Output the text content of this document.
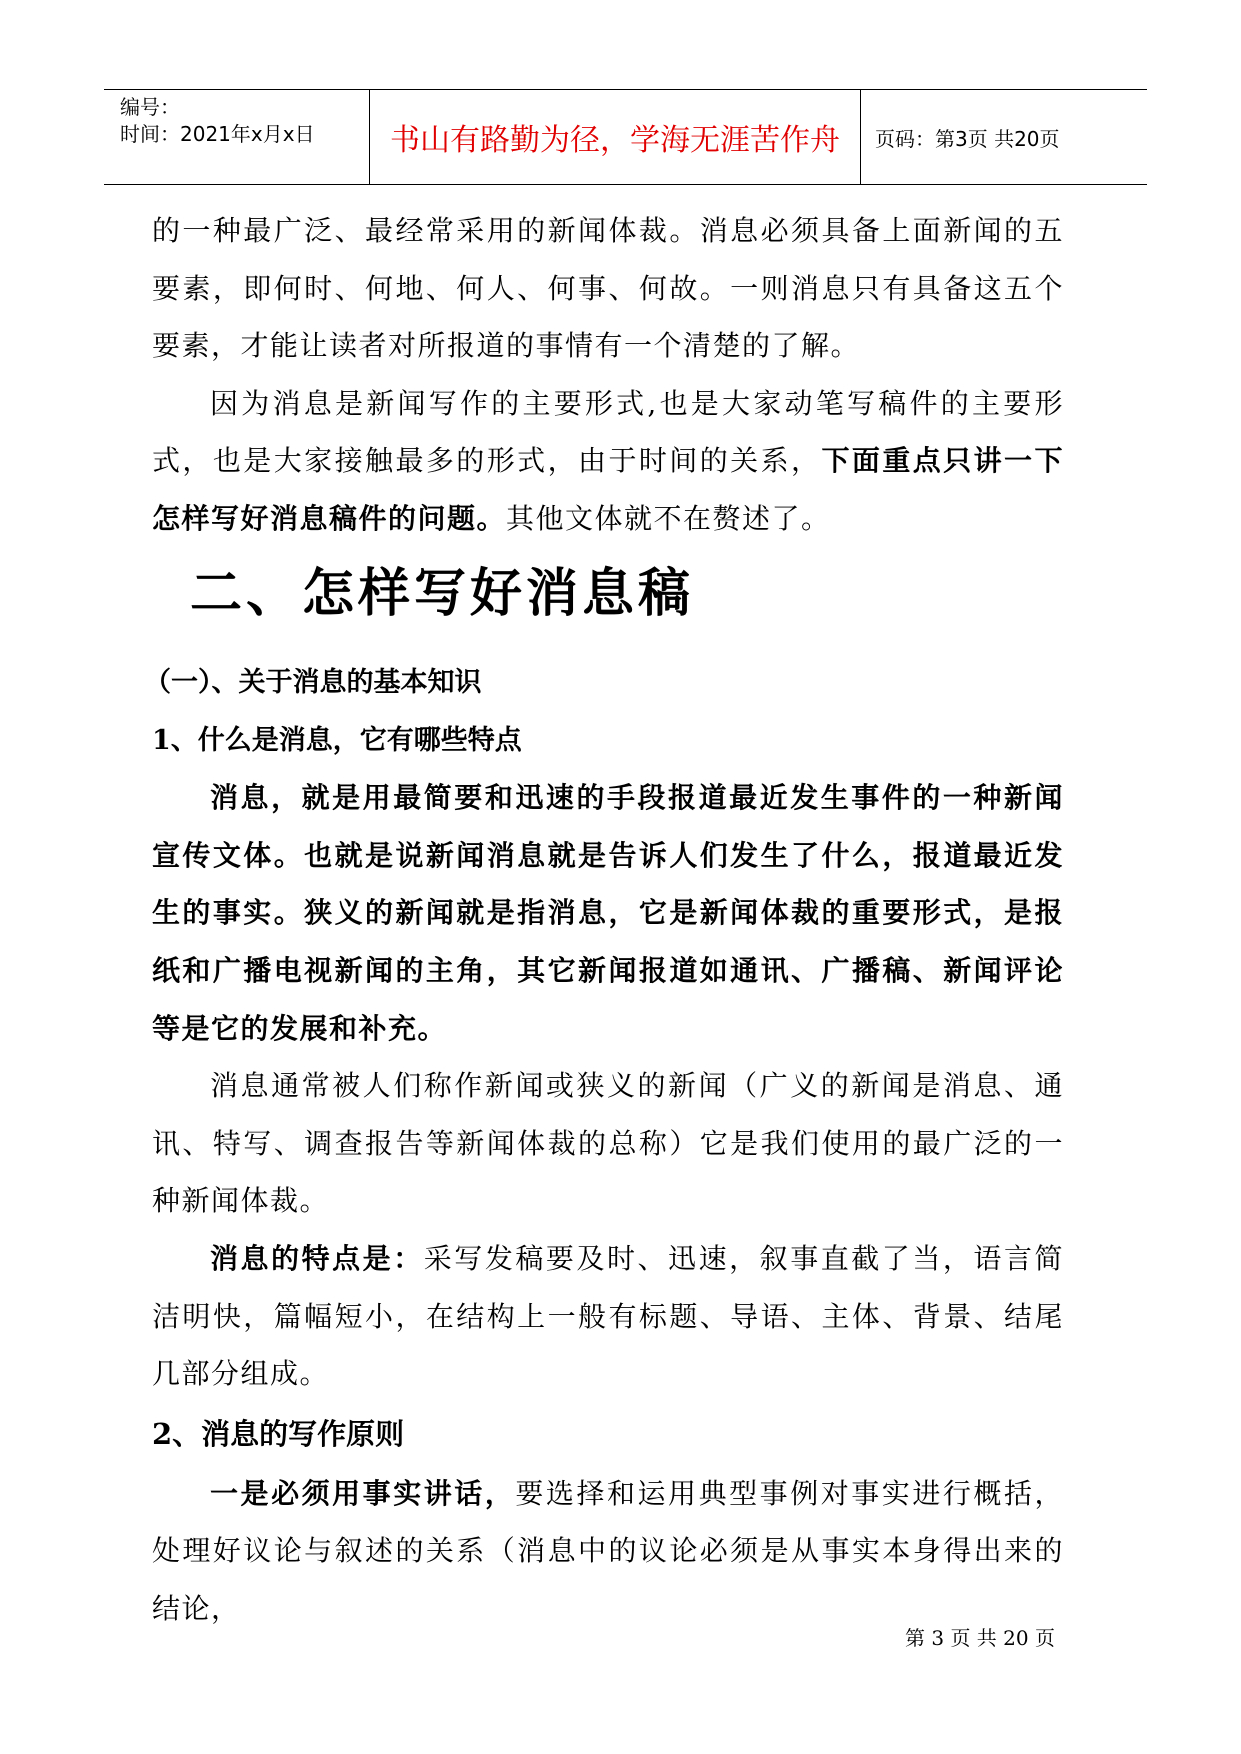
编号：
时间：2021年x月x日	书山有路勤为径，学海无涯苦作舟	页码：第3页 共20页

的一种最广泛、最经常采用的新闻体裁。消息必须具备上面新闻的五要素，即何时、何地、何人、何事、何故。一则消息只有具备这五个要素，才能让读者对所报道的事情有一个清楚的了解。

因为消息是新闻写作的主要形式,也是大家动笔写稿件的主要形式，也是大家接触最多的形式，由于时间的关系，下面重点只讲一下怎样写好消息稿件的问题。其他文体就不在赘述了。

二、怎样写好消息稿

（一）、关于消息的基本知识

1、什么是消息，它有哪些特点

消息，就是用最简要和迅速的手段报道最近发生事件的一种新闻宣传文体。也就是说新闻消息就是告诉人们发生了什么，报道最近发生的事实。狭义的新闻就是指消息，它是新闻体裁的重要形式，是报纸和广播电视新闻的主角，其它新闻报道如通讯、广播稿、新闻评论等是它的发展和补充。

消息通常被人们称作新闻或狭义的新闻（广义的新闻是消息、通讯、特写、调查报告等新闻体裁的总称）它是我们使用的最广泛的一种新闻体裁。

消息的特点是：采写发稿要及时、迅速，叙事直截了当，语言简洁明快，篇幅短小，在结构上一般有标题、导语、主体、背景、结尾几部分组成。

2、消息的写作原则

一是必须用事实讲话，要选择和运用典型事例对事实进行概括，处理好议论与叙述的关系（消息中的议论必须是从事实本身得出来的结论，

第 3 页 共 20 页
